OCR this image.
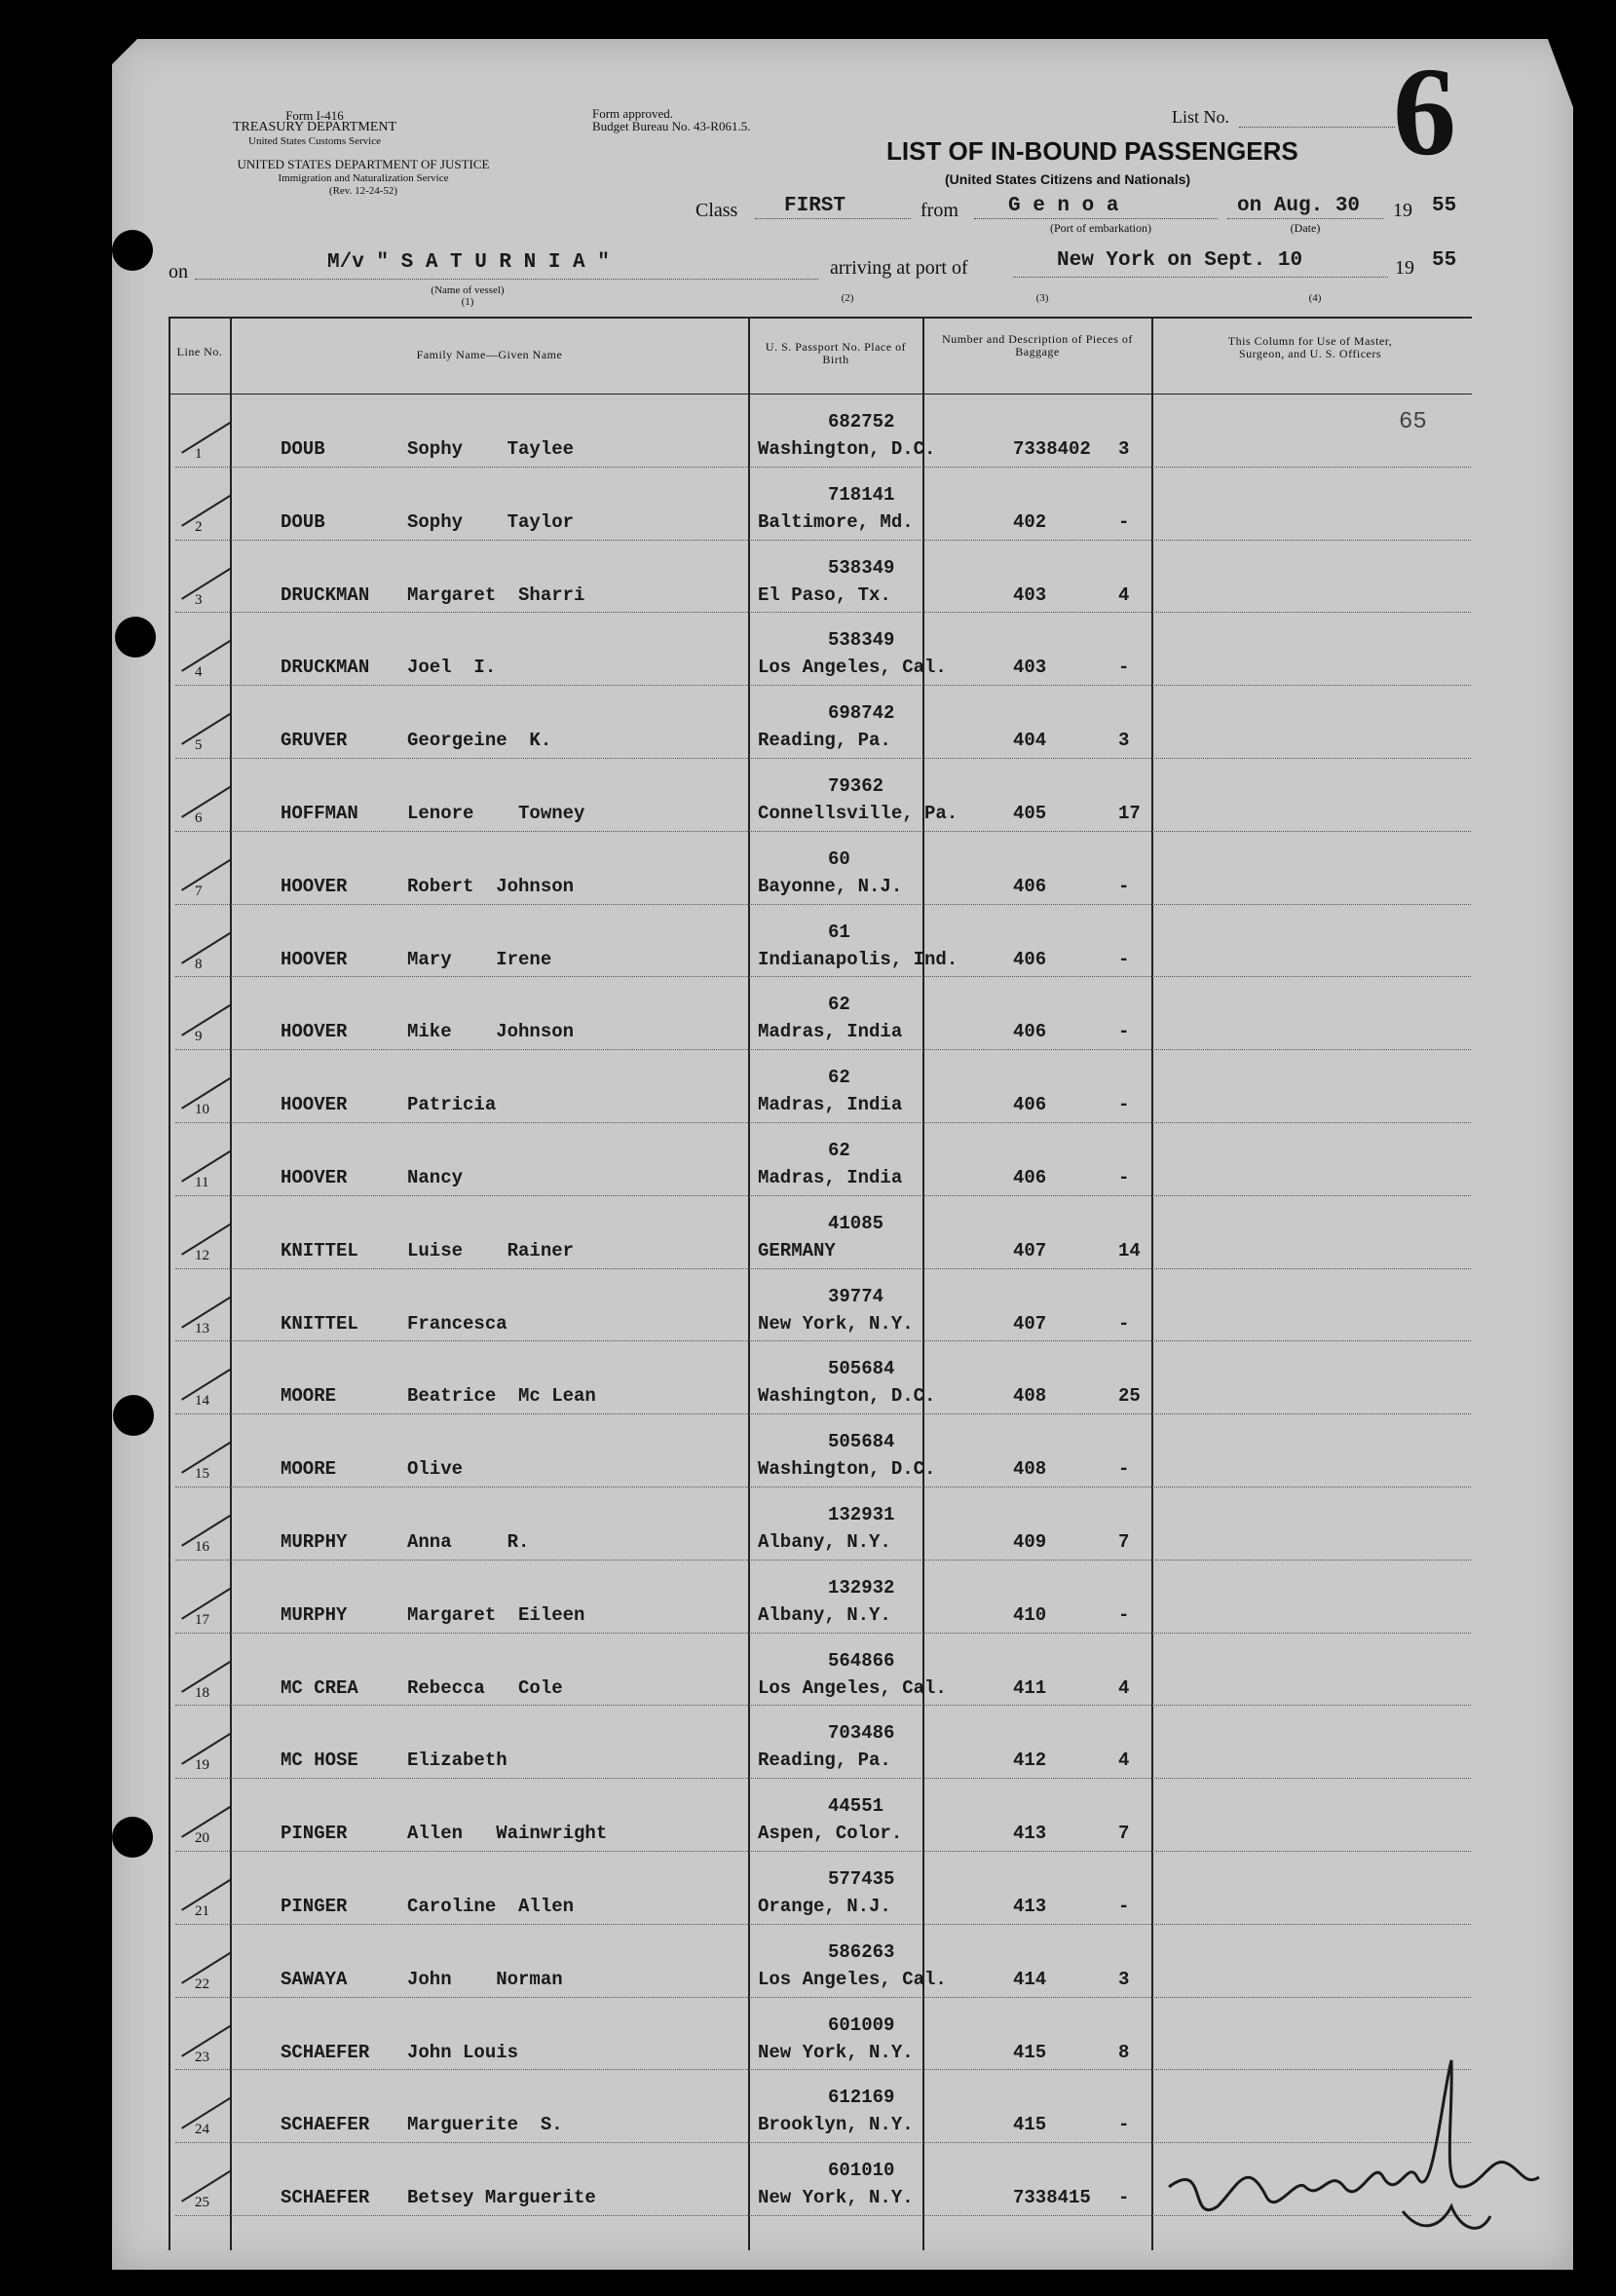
Form I-416
TREASURY DEPARTMENT
United States Customs Service
UNITED STATES DEPARTMENT OF JUSTICE
Immigration and Naturalization Service
(Rev. 12-24-52)
Form approved.
Budget Bureau No. 43-R061.5.	List No. 6
LIST OF IN-BOUND PASSENGERS
(United States Citizens and Nationals)
Class FIRST	from G e n o a
(Port of embarkation)
on Aug. 30
(Date)
19 55
on	M/v " S A T U R N I A "
(Name of vessel)
(1)
arriving at port of	New York on Sept. 10
(2)	(3)	(4)
19 55
Line No.	Family Name—Given Name
U. S. Passport No. Place of Birth
Number and Description of Pieces of Baggage
This Column for Use of Master, Surgeon, and U. S. Officers
65
1	DOUB	Sophy    Taylee
682752
Washington, D.C.	7338402 3
2	DOUB	Sophy    Taylor
718141
Baltimore, Md.	402	-
3	DRUCKMAN Margaret  Sharri
538349
El Paso, Tx.	403	4
4	DRUCKMAN Joel  I.
538349
Los Angeles, Cal.	403	-
5	GRUVER	Georgeine  K.
698742
Reading, Pa.	404	3
6	HOFFMAN	Lenore    Towney
79362
Connellsville, Pa.	405	17
7	HOOVER	Robert  Johnson
60
Bayonne, N.J.	406	-
8	HOOVER	Mary    Irene
61
Indianapolis, Ind.	406	-
9	HOOVER	Mike    Johnson
62
Madras, India	406	-
10	HOOVER	Patricia
62
Madras, India	406	-
11	HOOVER	Nancy
62
Madras, India	406	-
12	KNITTEL	Luise    Rainer
41085
GERMANY	407	14
13	KNITTEL	Francesca
39774
New York, N.Y.	407	-
14	MOORE	Beatrice  Mc Lean
505684
Washington, D.C.	408	25
15	MOORE	Olive
505684
Washington, D.C.	408	-
16	MURPHY	Anna     R.
132931
Albany, N.Y.	409	7
17	MURPHY	Margaret  Eileen
132932
Albany, N.Y.	410	-
18	MC CREA	Rebecca   Cole
564866
Los Angeles, Cal.	411	4
19	MC HOSE	Elizabeth
703486
Reading, Pa.	412	4
20	PINGER	Allen   Wainwright
44551
Aspen, Color.	413	7
21	PINGER	Caroline  Allen
577435
Orange, N.J.	413	-
22	SAWAYA	John    Norman
586263
Los Angeles, Cal.	414	3
23	SCHAEFER John Louis
601009
New York, N.Y.	415	8
24	SCHAEFER Marguerite  S.
612169
Brooklyn, N.Y.	415	-
25	SCHAEFER Betsey Marguerite
601010
New York, N.Y.	7338415 -
